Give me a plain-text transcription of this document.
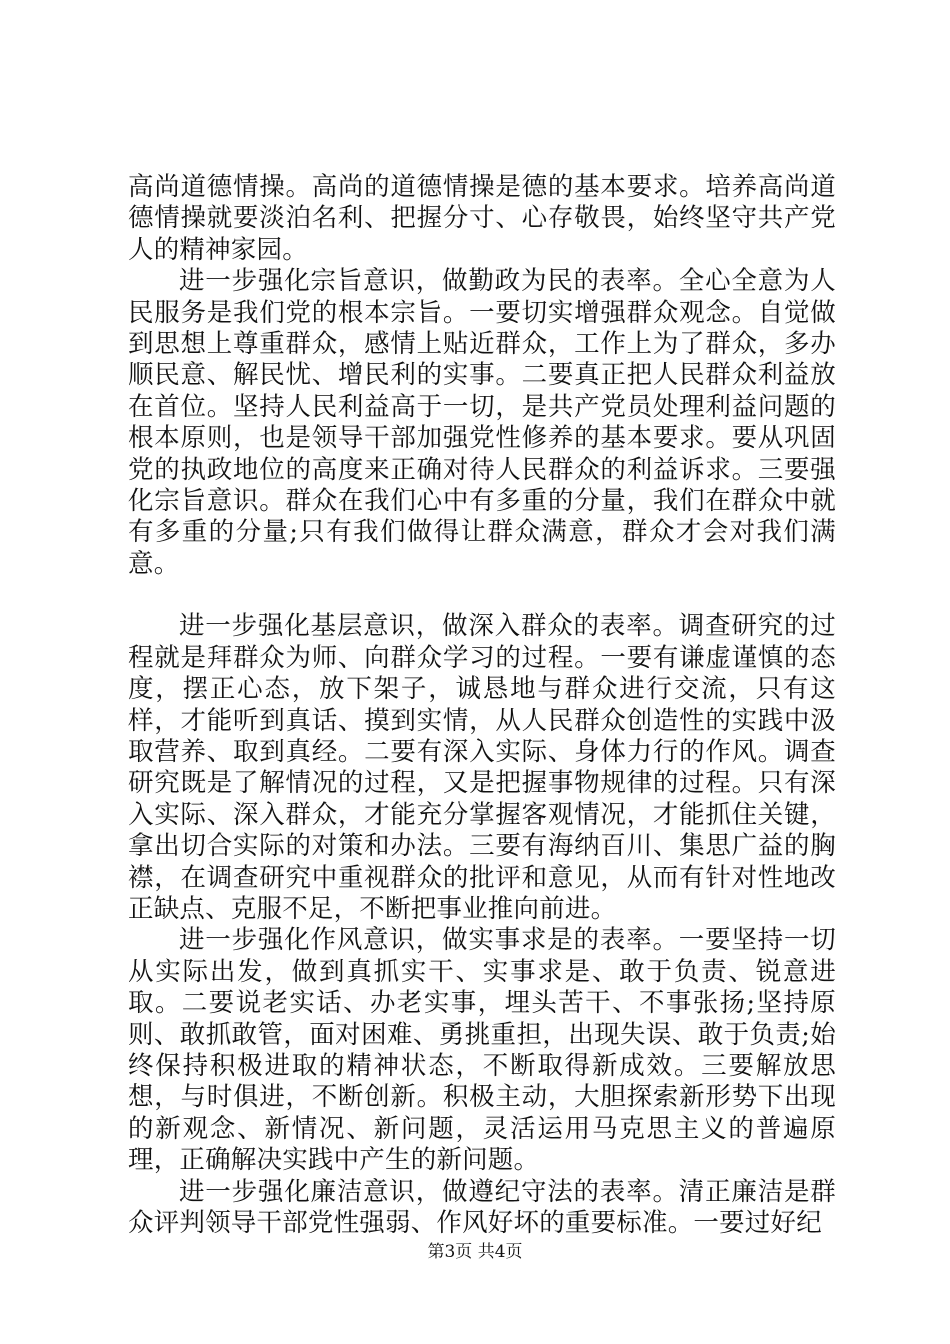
高尚道德情操。高尚的道德情操是德的基本要求。培养高尚道德情操就要淡泊名利、把握分寸、心存敬畏，始终坚守共产党人的精神家园。

进一步强化宗旨意识，做勤政为民的表率。全心全意为人民服务是我们党的根本宗旨。一要切实增强群众观念。自觉做到思想上尊重群众，感情上贴近群众，工作上为了群众，多办顺民意、解民忧、增民利的实事。二要真正把人民群众利益放在首位。坚持人民利益高于一切，是共产党员处理利益问题的根本原则，也是领导干部加强党性修养的基本要求。要从巩固党的执政地位的高度来正确对待人民群众的利益诉求。三要强化宗旨意识。群众在我们心中有多重的分量，我们在群众中就有多重的分量;只有我们做得让群众满意，群众才会对我们满意。

进一步强化基层意识，做深入群众的表率。调查研究的过程就是拜群众为师、向群众学习的过程。一要有谦虚谨慎的态度，摆正心态，放下架子，诚恳地与群众进行交流，只有这样，才能听到真话、摸到实情，从人民群众创造性的实践中汲取营养、取到真经。二要有深入实际、身体力行的作风。调查研究既是了解情况的过程，又是把握事物规律的过程。只有深入实际、深入群众，才能充分掌握客观情况，才能抓住关键，拿出切合实际的对策和办法。三要有海纳百川、集思广益的胸襟，在调查研究中重视群众的批评和意见，从而有针对性地改正缺点、克服不足，不断把事业推向前进。

进一步强化作风意识，做实事求是的表率。一要坚持一切从实际出发，做到真抓实干、实事求是、敢于负责、锐意进取。二要说老实话、办老实事，埋头苦干、不事张扬;坚持原则、敢抓敢管，面对困难、勇挑重担，出现失误、敢于负责;始终保持积极进取的精神状态，不断取得新成效。三要解放思想，与时俱进，不断创新。积极主动，大胆探索新形势下出现的新观念、新情况、新问题，灵活运用马克思主义的普遍原理，正确解决实践中产生的新问题。

进一步强化廉洁意识，做遵纪守法的表率。清正廉洁是群众评判领导干部党性强弱、作风好坏的重要标准。一要过好纪

第3页 共4页
